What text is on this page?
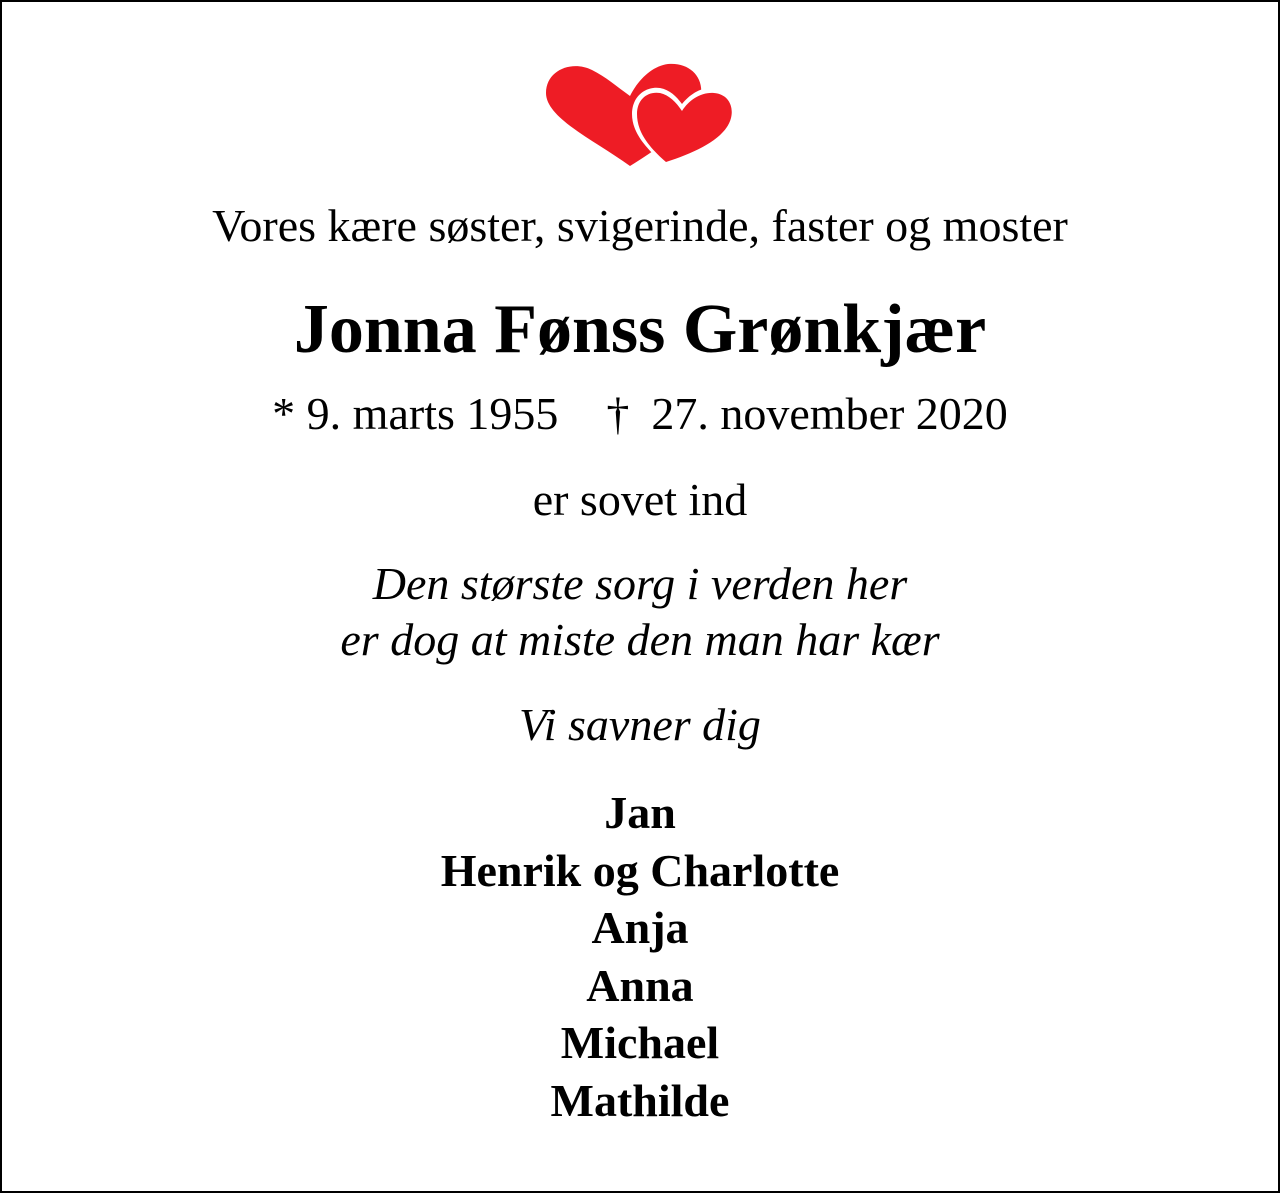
Vores kære søster, svigerinde, faster og moster
Jonna Fønss Grønkjær
* 9. marts 1955 † 27. november 2020
er sovet ind
Den største sorg i verden her
er dog at miste den man har kær
Vi savner dig
Jan
Henrik og Charlotte
Anja
Anna
Michael
Mathilde
